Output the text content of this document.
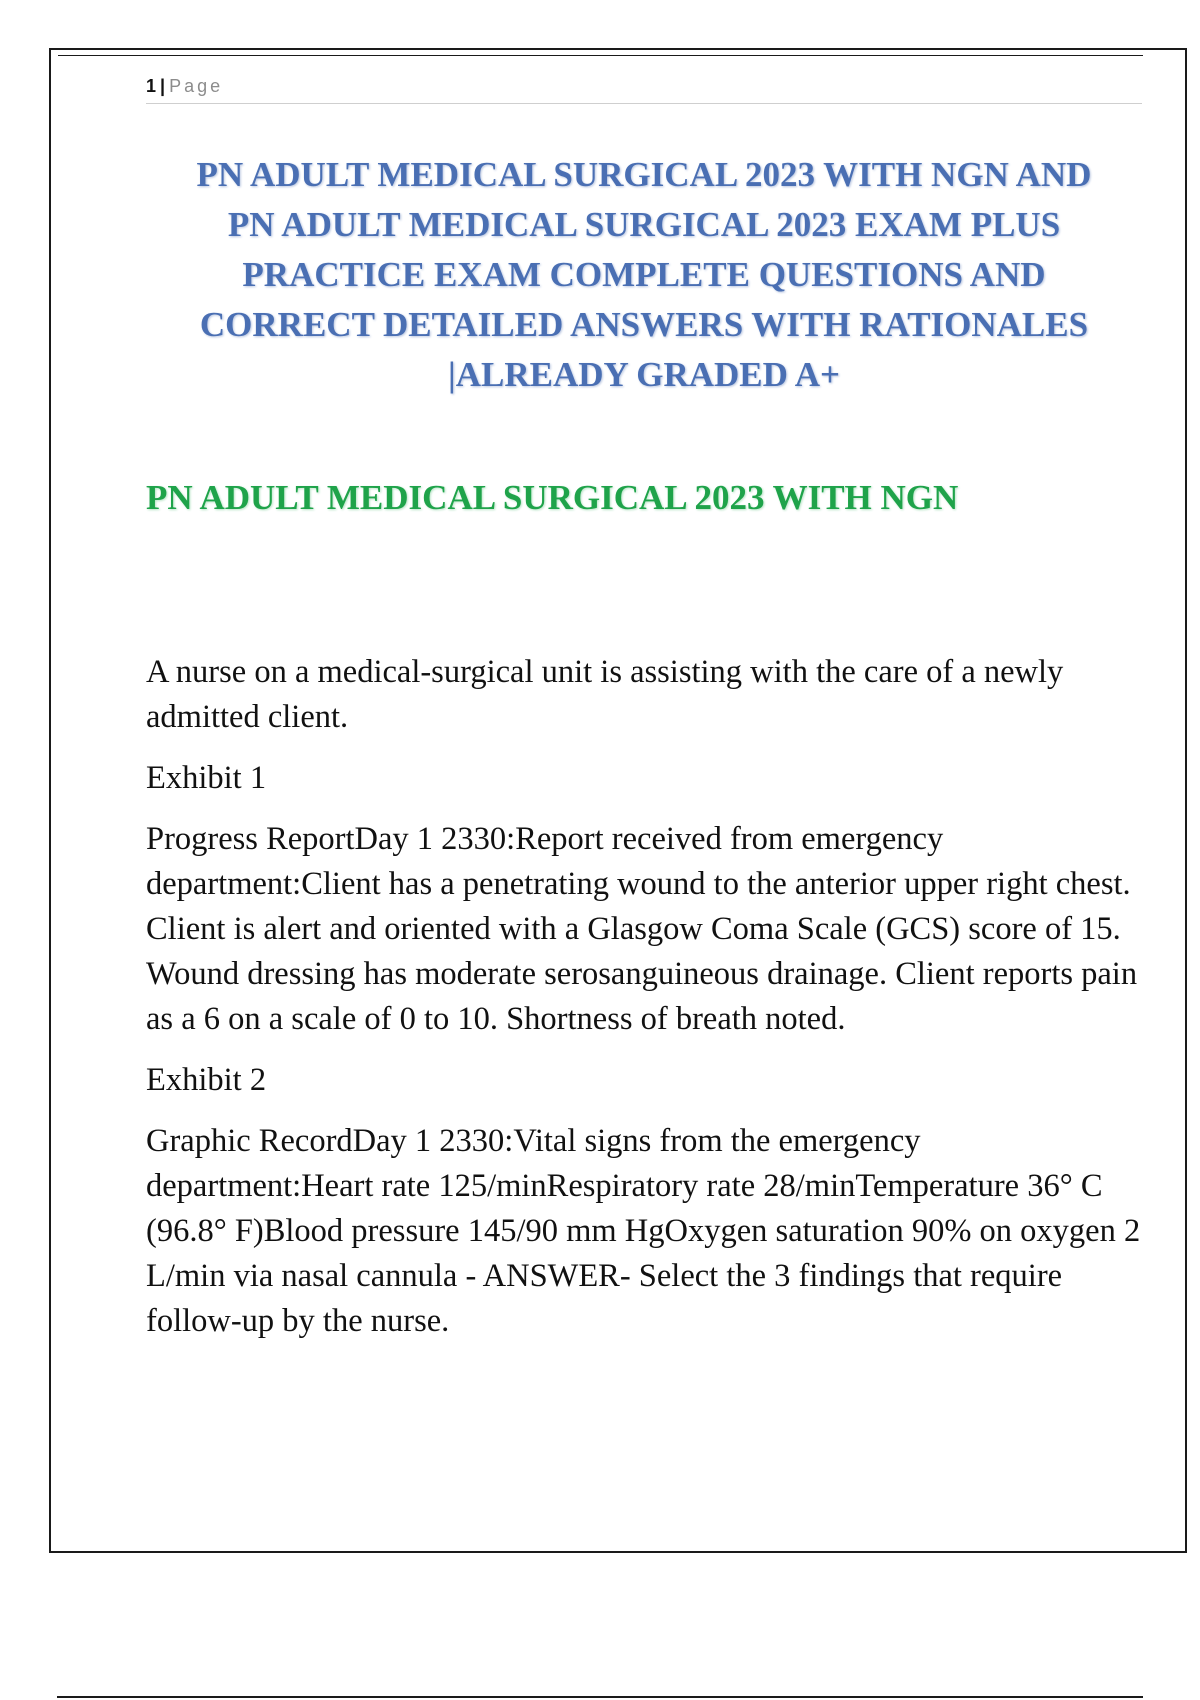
1 | Page
PN ADULT MEDICAL SURGICAL 2023 WITH NGN AND
PN ADULT MEDICAL SURGICAL 2023 EXAM PLUS
PRACTICE EXAM COMPLETE QUESTIONS AND
CORRECT DETAILED ANSWERS WITH RATIONALES
|ALREADY GRADED A+
PN ADULT MEDICAL SURGICAL 2023 WITH NGN

A nurse on a medical-surgical unit is assisting with the care of a newly admitted client.

Exhibit 1

Progress ReportDay 1 2330:Report received from emergency department:Client has a penetrating wound to the anterior upper right chest. Client is alert and oriented with a Glasgow Coma Scale (GCS) score of 15. Wound dressing has moderate serosanguineous drainage. Client reports pain as a 6 on a scale of 0 to 10. Shortness of breath noted.

Exhibit 2

Graphic RecordDay 1 2330:Vital signs from the emergency department:Heart rate 125/minRespiratory rate 28/minTemperature 36° C (96.8° F)Blood pressure 145/90 mm HgOxygen saturation 90% on oxygen 2 L/min via nasal cannula - ANSWER- Select the 3 findings that require follow-up by the nurse.
